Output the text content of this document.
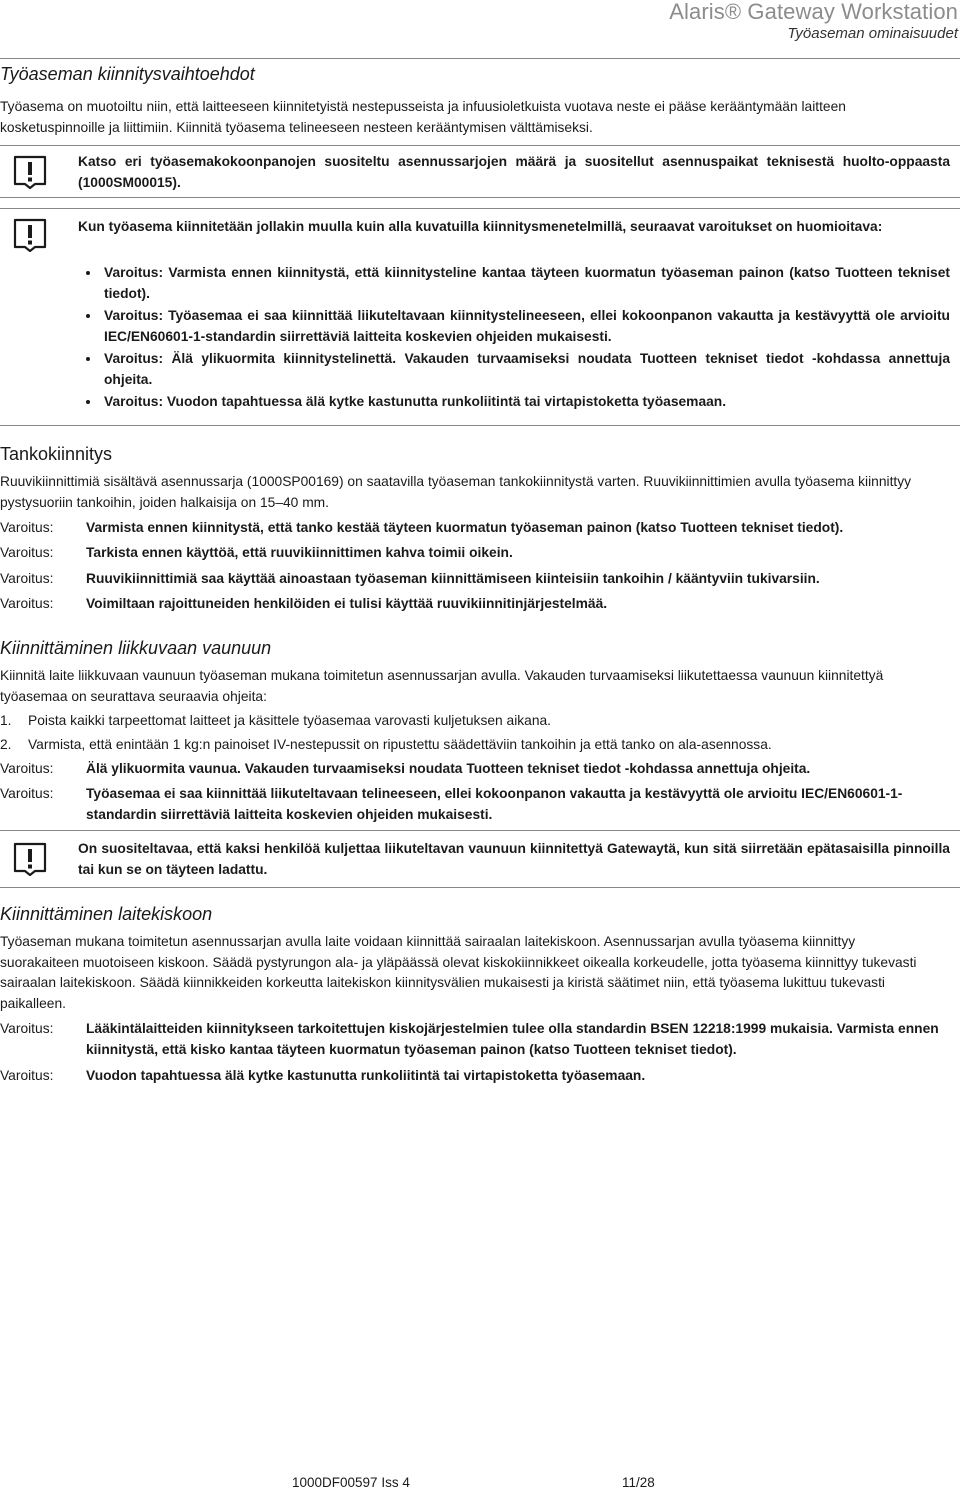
Alaris® Gateway Workstation
Työaseman ominaisuudet
Työaseman kiinnitysvaihtoehdot
Työasema on muotoiltu niin, että laitteeseen kiinnitetyistä nestepusseista ja infuusioletkuista vuotava neste ei pääse kerääntymään laitteen kosketuspinnoille ja liittimiin. Kiinnitä työasema telineeseen nesteen kerääntymisen välttämiseksi.
Katso eri työasemakokoonpanojen suositeltu asennussarjojen määrä ja suositellut asennuspaikat teknisestä huolto-oppaasta (1000SM00015).
Kun työasema kiinnitetään jollakin muulla kuin alla kuvatuilla kiinnitysmenetelmillä, seuraavat varoitukset on huomioitava:
Varoitus: Varmista ennen kiinnitystä, että kiinnitysteline kantaa täyteen kuormatun työaseman painon (katso Tuotteen tekniset tiedot).
Varoitus: Työasemaa ei saa kiinnittää liikuteltavaan kiinnitystelineeseen, ellei kokoonpanon vakautta ja kestävyyttä ole arvioitu IEC/EN60601-1-standardin siirrettäviä laitteita koskevien ohjeiden mukaisesti.
Varoitus: Älä ylikuormita kiinnitystelinettä. Vakauden turvaamiseksi noudata Tuotteen tekniset tiedot -kohdassa annettuja ohjeita.
Varoitus: Vuodon tapahtuessa älä kytke kastunutta runkoliitintä tai virtapistoketta työasemaan.
Tankokiinnitys
Ruuvikiinnittimiä sisältävä asennussarja (1000SP00169) on saatavilla työaseman tankokiinnitystä varten. Ruuvikiinnittimien avulla työasema kiinnittyy pystysuoriin tankoihin, joiden halkaisija on 15–40 mm.
Varoitus: Varmista ennen kiinnitystä, että tanko kestää täyteen kuormatun työaseman painon (katso Tuotteen tekniset tiedot).
Varoitus: Tarkista ennen käyttöä, että ruuvikiinnittimen kahva toimii oikein.
Varoitus: Ruuvikiinnittimiä saa käyttää ainoastaan työaseman kiinnittämiseen kiinteisiin tankoihin / kääntyviin tukivarsiin.
Varoitus: Voimiltaan rajoittuneiden henkilöiden ei tulisi käyttää ruuvikiinnitinjärjestelmää.
Kiinnittäminen liikkuvaan vaunuun
Kiinnitä laite liikkuvaan vaunuun työaseman mukana toimitetun asennussarjan avulla. Vakauden turvaamiseksi liikutettaessa vaunuun kiinnitettyä työasemaa on seurattava seuraavia ohjeita:
1. Poista kaikki tarpeettomat laitteet ja käsittele työasemaa varovasti kuljetuksen aikana.
2. Varmista, että enintään 1 kg:n painoiset IV-nestepussit on ripustettu säädettäviin tankoihin ja että tanko on ala-asennossa.
Varoitus: Älä ylikuormita vaunua. Vakauden turvaamiseksi noudata Tuotteen tekniset tiedot -kohdassa annettuja ohjeita.
Varoitus: Työasemaa ei saa kiinnittää liikuteltavaan telineeseen, ellei kokoonpanon vakautta ja kestävyyttä ole arvioitu IEC/EN60601-1-standardin siirrettäviä laitteita koskevien ohjeiden mukaisesti.
On suositeltavaa, että kaksi henkilöä kuljettaa liikuteltavan vaunuun kiinnitettyä Gatewaytä, kun sitä siirretään epätasaisilla pinnoilla tai kun se on täyteen ladattu.
Kiinnittäminen laitekiskoon
Työaseman mukana toimitetun asennussarjan avulla laite voidaan kiinnittää sairaalan laitekiskoon. Asennussarjan avulla työasema kiinnittyy suorakaiteen muotoiseen kiskoon. Säädä pystyrungon ala- ja yläpäässä olevat kiskokiinnikkeet oikealla korkeudelle, jotta työasema kiinnittyy tukevasti sairaalan laitekiskoon. Säädä kiinnikkeiden korkeutta laitekiskon kiinnitysvälien mukaisesti ja kiristä säätimet niin, että työasema lukittuu tukevasti paikalleen.
Varoitus: Lääkintälaitteiden kiinnitykseen tarkoitettujen kiskojärjestelmien tulee olla standardin BSEN 12218:1999 mukaisia. Varmista ennen kiinnitystä, että kisko kantaa täyteen kuormatun työaseman painon (katso Tuotteen tekniset tiedot).
Varoitus: Vuodon tapahtuessa älä kytke kastunutta runkoliitintä tai virtapistoketta työasemaan.
1000DF00597 Iss 4	11/28
